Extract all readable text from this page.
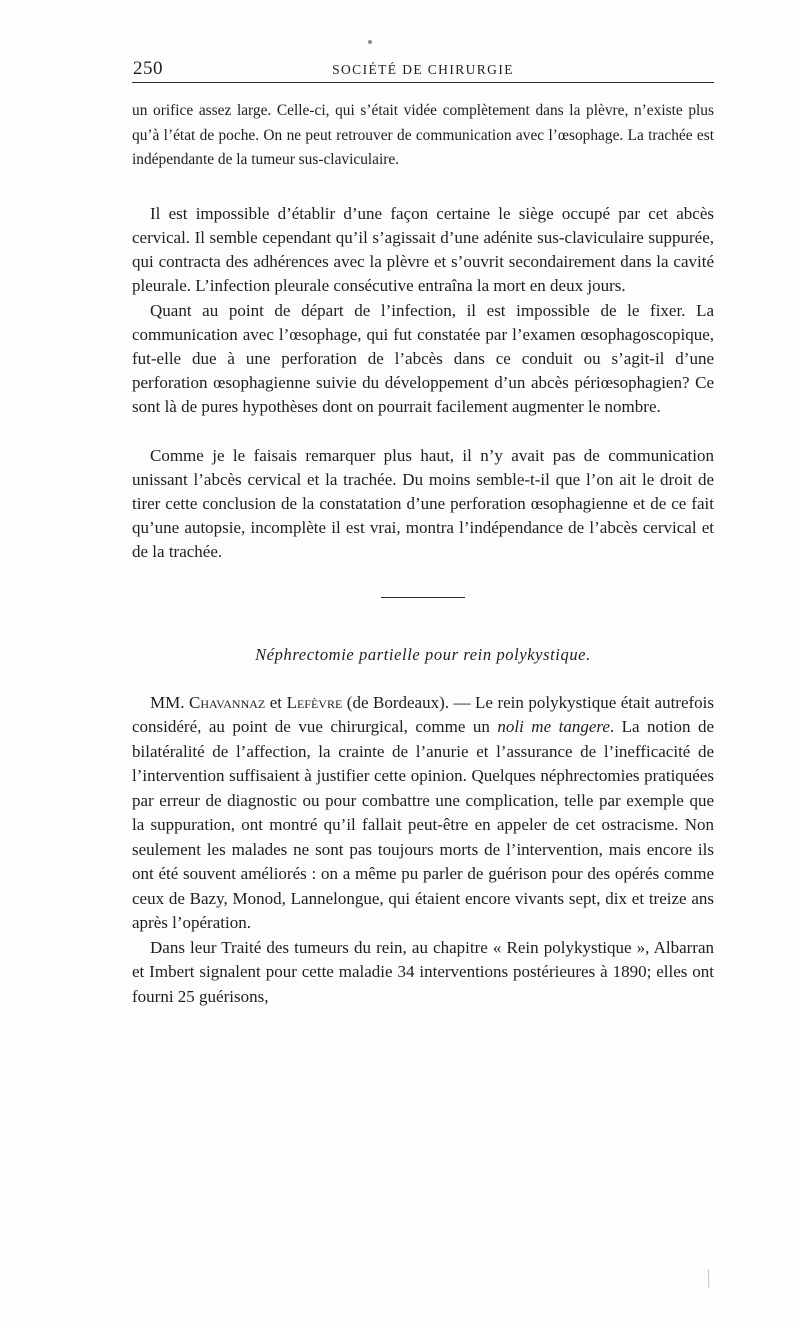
250	SOCIÉTÉ DE CHIRURGIE

un orifice assez large. Celle-ci, qui s’était vidée complètement dans la plèvre, n’existe plus qu’à l’état de poche. On ne peut retrouver de communication avec l’œsophage. La trachée est indépendante de la tumeur sus-claviculaire.

Il est impossible d’établir d’une façon certaine le siège occupé par cet abcès cervical. Il semble cependant qu’il s’agissait d’une adénite sus-claviculaire suppurée, qui contracta des adhérences avec la plèvre et s’ouvrit secondairement dans la cavité pleurale. L’infection pleurale consécutive entraîna la mort en deux jours.

Quant au point de départ de l’infection, il est impossible de le fixer. La communication avec l’œsophage, qui fut constatée par l’examen œsophagoscopique, fut-elle due à une perforation de l’abcès dans ce conduit ou s’agit-il d’une perforation œsophagienne suivie du développement d’un abcès périœsophagien? Ce sont là de pures hypothèses dont on pourrait facilement augmenter le nombre.

Comme je le faisais remarquer plus haut, il n’y avait pas de communication unissant l’abcès cervical et la trachée. Du moins semble-t-il que l’on ait le droit de tirer cette conclusion de la constatation d’une perforation œsophagienne et de ce fait qu’une autopsie, incomplète il est vrai, montra l’indépendance de l’abcès cervical et de la trachée.

Néphrectomie partielle pour rein polykystique.

MM. Chavannaz et Lefèvre (de Bordeaux). — Le rein polykystique était autrefois considéré, au point de vue chirurgical, comme un noli me tangere. La notion de bilatéralité de l’affection, la crainte de l’anurie et l’assurance de l’inefficacité de l’intervention suffisaient à justifier cette opinion. Quelques néphrectomies pratiquées par erreur de diagnostic ou pour combattre une complication, telle par exemple que la suppuration, ont montré qu’il fallait peut-être en appeler de cet ostracisme. Non seulement les malades ne sont pas toujours morts de l’intervention, mais encore ils ont été souvent améliorés : on a même pu parler de guérison pour des opérés comme ceux de Bazy, Monod, Lannelongue, qui étaient encore vivants sept, dix et treize ans après l’opération.

Dans leur Traité des tumeurs du rein, au chapitre « Rein polykystique », Albarran et Imbert signalent pour cette maladie 34 interventions postérieures à 1890; elles ont fourni 25 guérisons,

╱
